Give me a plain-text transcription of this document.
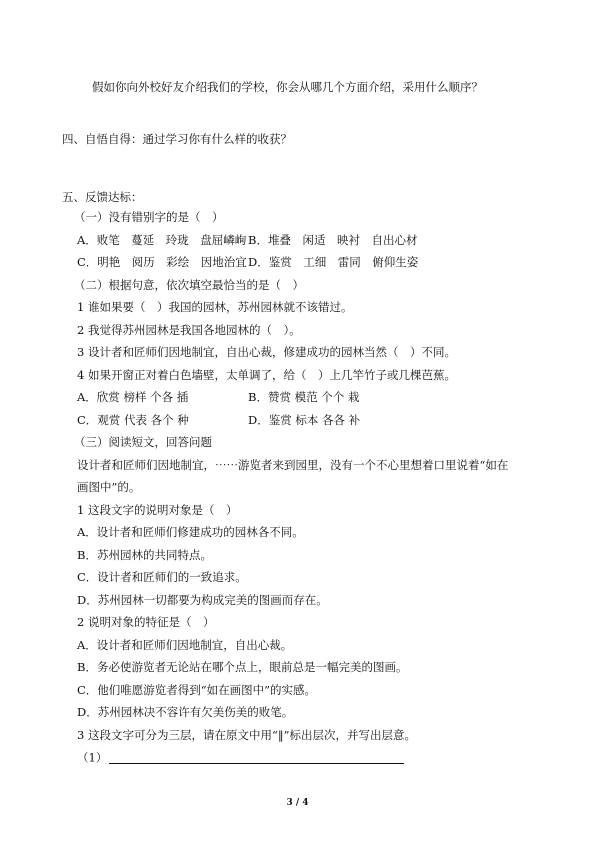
假如你向外校好友介绍我们的学校，你会从哪几个方面介绍，采用什么顺序？
四、自悟自得：通过学习你有什么样的收获？
五、反馈达标：
（一）没有错别字的是（　）
A．败笔　蔓延　玲珑　盘屈嶙峋 B．堆叠　闲适　映衬　自出心材
C．明艳　阅历　彩绘　因地治宜 D．鉴赏　工细　雷同　俯仰生姿
（二）根据句意，依次填空最恰当的是（　）
1 谁如果要（　）我国的园林，苏州园林就不该错过。
2 我觉得苏州园林是我国各地园林的（　）。
3 设计者和匠师们因地制宜，自出心裁，修建成功的园林当然（　）不同。
4 如果开窗正对着白色墙壁，太单调了，给（　）上几竿竹子或几棵芭蕉。
A．欣赏 榜样 个各 插	B．赞赏 模范 个个 栽
C．观赏 代表 各个 种	D．鉴赏 标本 各各 补
（三）阅读短文，回答问题
设计者和匠师们因地制宜，⋯⋯游览者来到园里，没有一个不心里想着口里说着“如在
画图中”的。
1 这段文字的说明对象是（　）
A．设计者和匠师们修建成功的园林各不同。
B．苏州园林的共同特点。
C．设计者和匠师们的一致追求。
D．苏州园林一切都要为构成完美的图画而存在。
2 说明对象的特征是（　）
A．设计者和匠师们因地制宜，自出心裁。
B．务必使游览者无论站在哪个点上，眼前总是一幅完美的图画。
C．他们唯愿游览者得到“如在画图中”的实感。
D．苏州园林决不容许有欠美伤美的败笔。
3 这段文字可分为三层，请在原文中用“‖”标出层次，并写出层意。
（1）
3 / 4
